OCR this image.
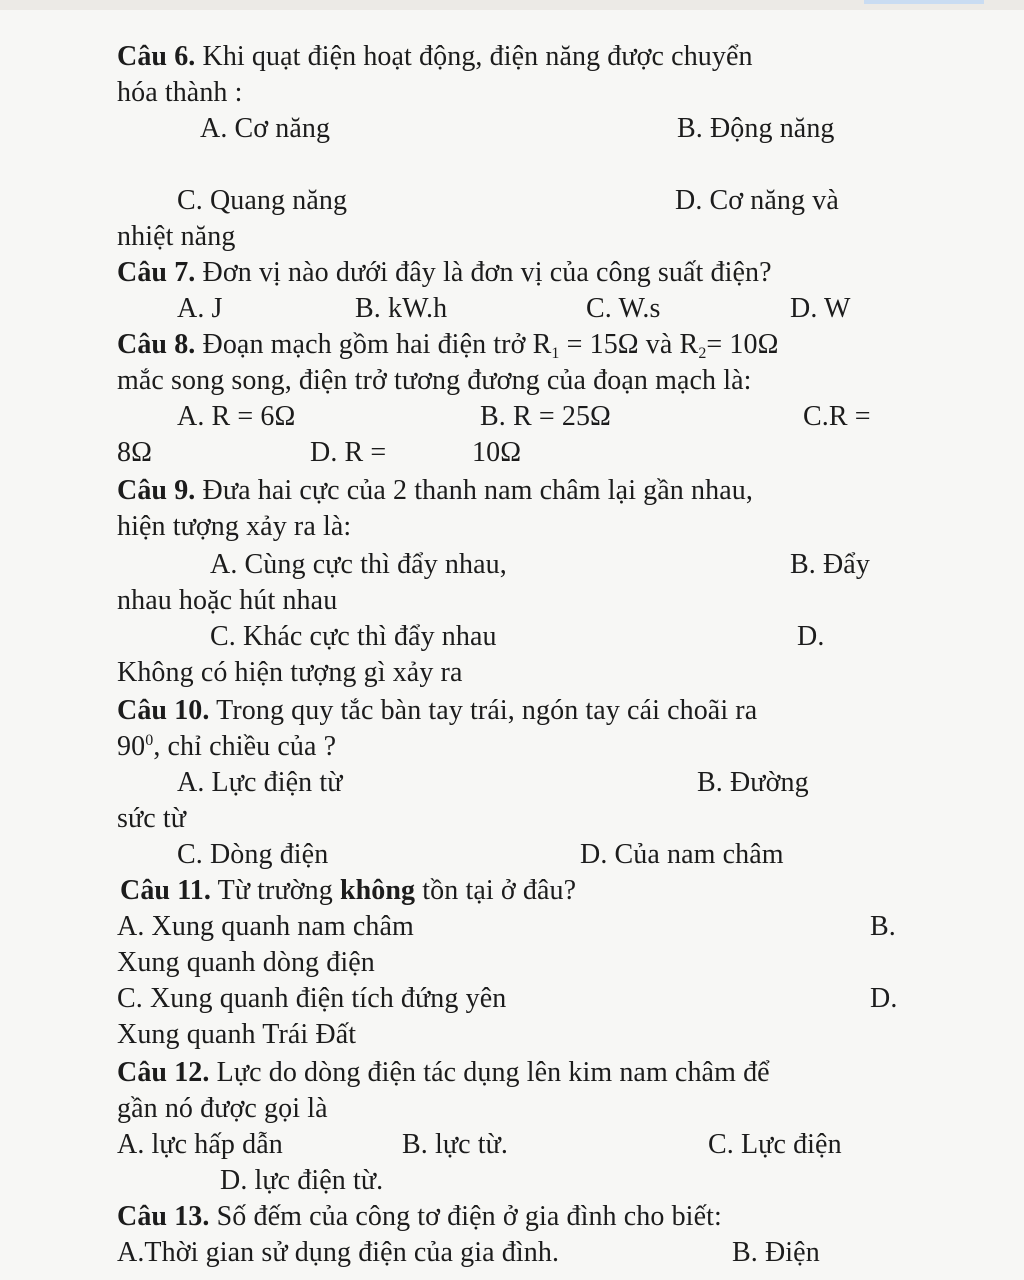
Câu 6. Khi quạt điện hoạt động, điện năng được chuyển
hóa thành :
A. Cơ năng	B. Động năng
C. Quang năng	D. Cơ năng và
nhiệt năng
Câu 7. Đơn vị nào dưới đây là đơn vị của công suất điện?
A. J	B. kW.h	C. W.s	D. W
Câu 8. Đoạn mạch gồm hai điện trở $R_1 = 15\Omega$ và $R_2= 10\Omega$
mắc song song, điện trở tương đương của đoạn mạch là:
A. R = 6Ω	B. R = 25Ω	C.R =
8Ω	D. R =	10Ω
Câu 9. Đưa hai cực của 2 thanh nam châm lại gần nhau,
hiện tượng xảy ra là:
A. Cùng cực thì đẩy nhau,	B. Đẩy
nhau hoặc hút nhau
C. Khác cực thì đẩy nhau	D.
Không có hiện tượng gì xảy ra
Câu 10. Trong quy tắc bàn tay trái, ngón tay cái choãi ra
$90^0$, chỉ chiều của ?
A. Lực điện từ	B. Đường
sức từ
C. Dòng điện	D. Của nam châm
Câu 11. Từ trường không tồn tại ở đâu?
A. Xung quanh nam châm	B.
Xung quanh dòng điện
C. Xung quanh điện tích đứng yên	D.
Xung quanh Trái Đất
Câu 12. Lực do dòng điện tác dụng lên kim nam châm để
gần nó được gọi là
A. lực hấp dẫn	B. lực từ.	C. Lực điện
D. lực điện từ.
Câu 13. Số đếm của công tơ điện ở gia đình cho biết:
A.Thời gian sử dụng điện của gia đình.	B. Điện
